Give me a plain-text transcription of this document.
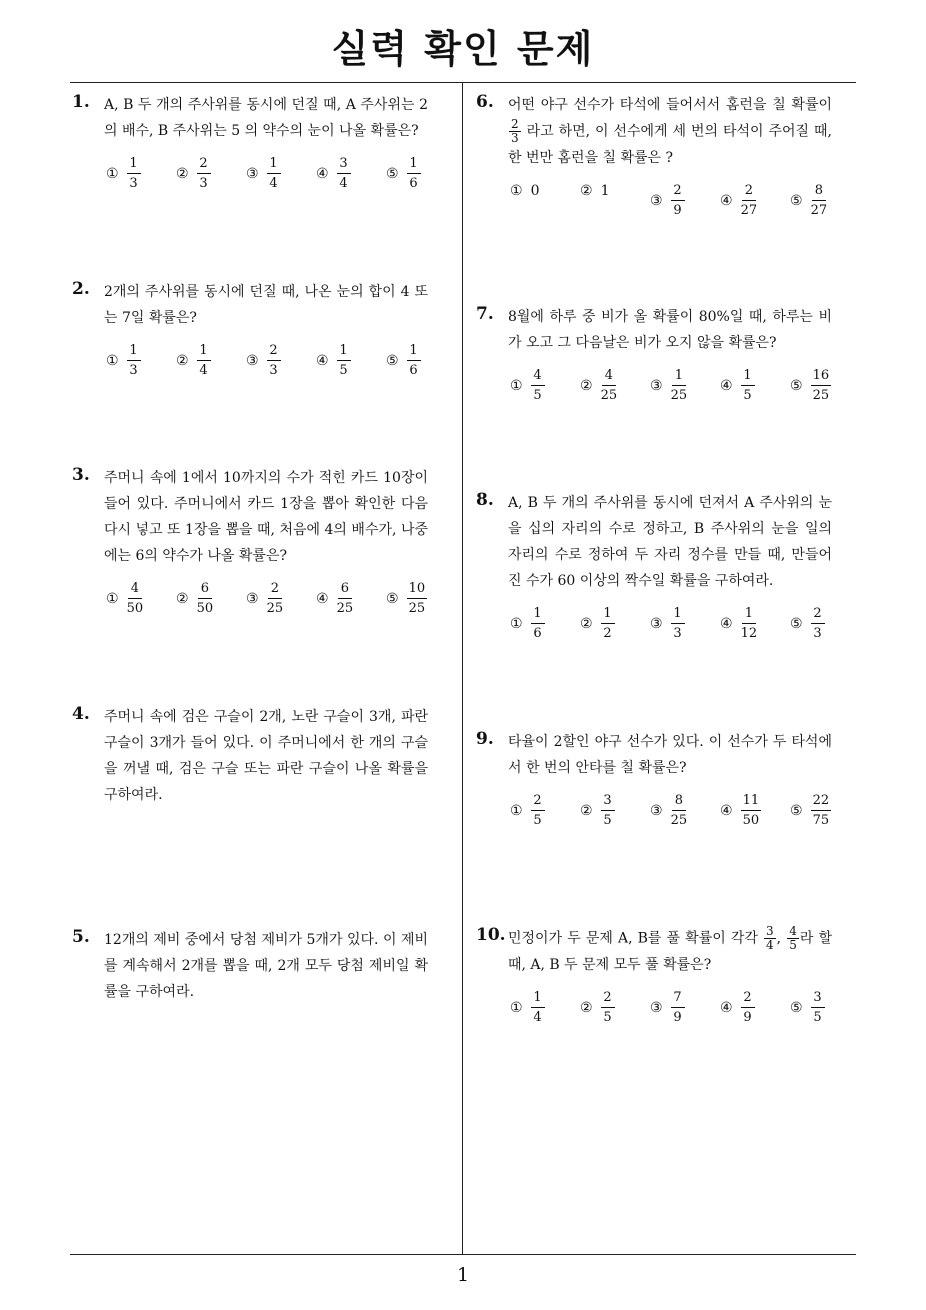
실력 확인 문제
1
1. A, B 두 개의 주사위를 동시에 던질 때, A 주사위는 2 의 배수, B 주사위는 5 의 약수의 눈이 나올 확률은?
① $\frac{1}{3}$	② $\frac{2}{3}$	③ $\frac{1}{4}$	④ $\frac{3}{4}$	⑤ $\frac{1}{6}$
2. 2개의 주사위를 동시에 던질 때, 나온 눈의 합이 4 또는 7일 확률은?
① $\frac{1}{3}$	② $\frac{1}{4}$	③ $\frac{2}{3}$	④ $\frac{1}{5}$	⑤ $\frac{1}{6}$
3. 주머니 속에 1에서 10까지의 수가 적힌 카드 10장이 들어 있다. 주머니에서 카드 1장을 뽑아 확인한 다음 다시 넣고 또 1장을 뽑을 때, 처음에 4의 배수가, 나중에는 6의 약수가 나올 확률은?
① $\frac{4}{50}$ ② $\frac{6}{50}$ ③ $\frac{2}{25}$ ④ $\frac{6}{25}$ ⑤ $\frac{10}{25}$
4. 주머니 속에 검은 구슬이 2개, 노란 구슬이 3개, 파란 구슬이 3개가 들어 있다. 이 주머니에서 한 개의 구슬을 꺼낼 때, 검은 구슬 또는 파란 구슬이 나올 확률을 구하여라.
5. 12개의 제비 중에서 당첨 제비가 5개가 있다. 이 제비를 계속해서 2개를 뽑을 때, 2개 모두 당첨 제비일 확률을 구하여라.
6. 어떤 야구 선수가 타석에 들어서서 홈런을 칠 확률이
$\frac{2}{3}$ 라고 하면, 이 선수에게 세 번의 타석이 주어질 때, 한 번만 홈런을 칠 확률은 ?
① 0	② 1
③ $\frac{2}{9}$	④ $\frac{2}{27}$ ⑤ $\frac{8}{27}$
7. 8월에 하루 중 비가 올 확률이 80%일 때, 하루는 비가 오고 그 다음날은 비가 오지 않을 확률은?
① $\frac{4}{5}$	② $\frac{4}{25}$ ③ $\frac{1}{25}$ ④ $\frac{1}{5}$	⑤ $\frac{16}{25}$
8. A, B 두 개의 주사위를 동시에 던져서 A 주사위의 눈을 십의 자리의 수로 정하고, B 주사위의 눈을 일의 자리의 수로 정하여 두 자리 정수를 만들 때, 만들어진 수가 60 이상의 짝수일 확률을 구하여라.
① $\frac{1}{6}$	② $\frac{1}{2}$	③ $\frac{1}{3}$	④ $\frac{1}{12}$ ⑤ $\frac{2}{3}$
9. 타율이 2할인 야구 선수가 있다. 이 선수가 두 타석에서 한 번의 안타를 칠 확률은?
① $\frac{2}{5}$	② $\frac{3}{5}$	③ $\frac{8}{25}$ ④ $\frac{11}{50}$ ⑤ $\frac{22}{75}$
10. 민정이가 두 문제 A, B를 풀 확률이 각각 $\frac{3}{4}$ , $\frac{4}{5}$ 라 할 때, A, B 두 문제 모두 풀 확률은?
① $\frac{1}{4}$	② $\frac{2}{5}$	③ $\frac{7}{9}$	④ $\frac{2}{9}$	⑤ $\frac{3}{5}$
